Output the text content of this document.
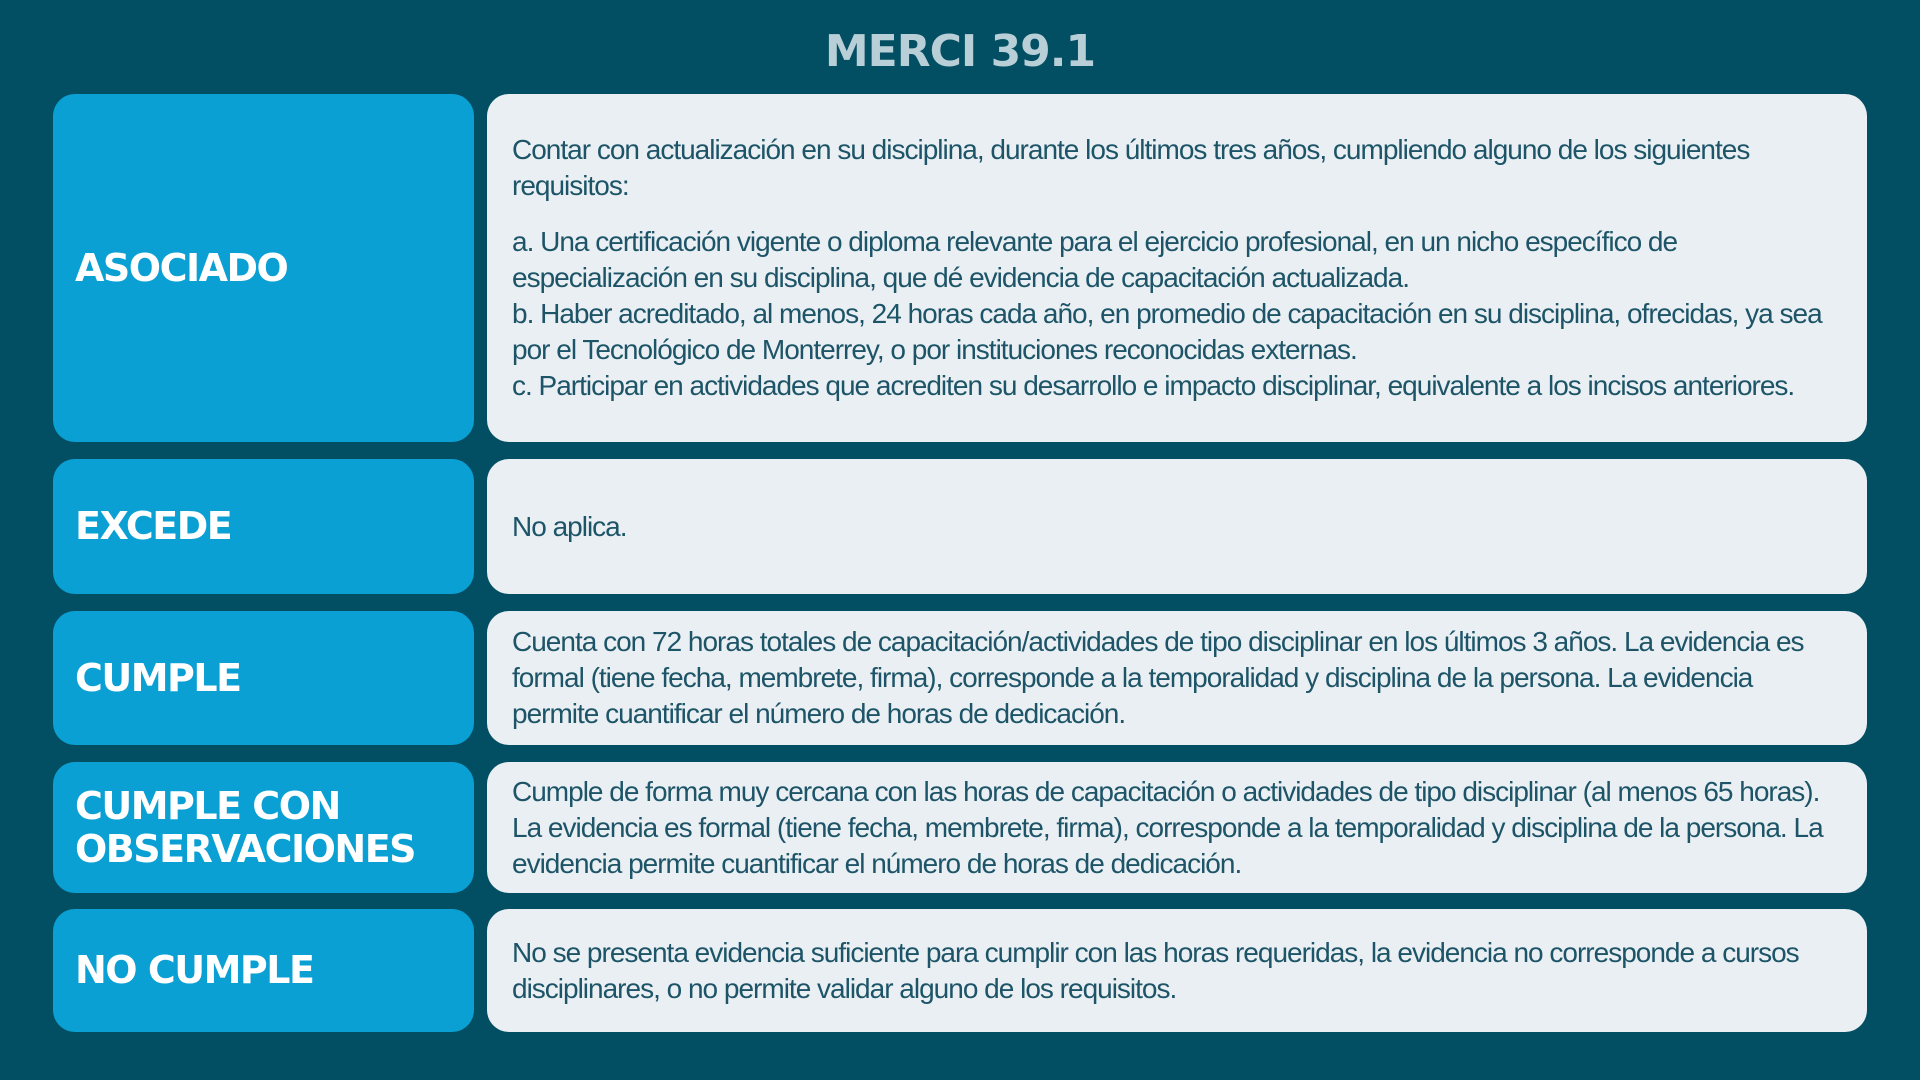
MERCI 39.1
ASOCIADO

Contar con actualización en su disciplina, durante los últimos tres años, cumpliendo alguno de los siguientes requisitos:

a. Una certificación vigente o diploma relevante para el ejercicio profesional, en un nicho específico de especialización en su disciplina, que dé evidencia de capacitación actualizada.

b. Haber acreditado, al menos, 24 horas cada año, en promedio de capacitación en su disciplina, ofrecidas, ya sea por el Tecnológico de Monterrey, o por instituciones reconocidas externas.

c. Participar en actividades que acrediten su desarrollo e impacto disciplinar, equivalente a los incisos anteriores.

EXCEDE	No aplica.

CUMPLE

Cuenta con 72 horas totales de capacitación/actividades de tipo disciplinar en los últimos 3 años. La evidencia es formal (tiene fecha, membrete, firma), corresponde a la temporalidad y disciplina de la persona. La evidencia permite cuantificar el número de horas de dedicación.

CUMPLE CON
OBSERVACIONES

Cumple de forma muy cercana con las horas de capacitación o actividades de tipo disciplinar (al menos 65 horas). La evidencia es formal (tiene fecha, membrete, firma), corresponde a la temporalidad y disciplina de la persona. La evidencia permite cuantificar el número de horas de dedicación.

NO CUMPLE	No se presenta evidencia suficiente para cumplir con las horas requeridas, la evidencia no corresponde a cursos disciplinares, o no permite validar alguno de los requisitos.
